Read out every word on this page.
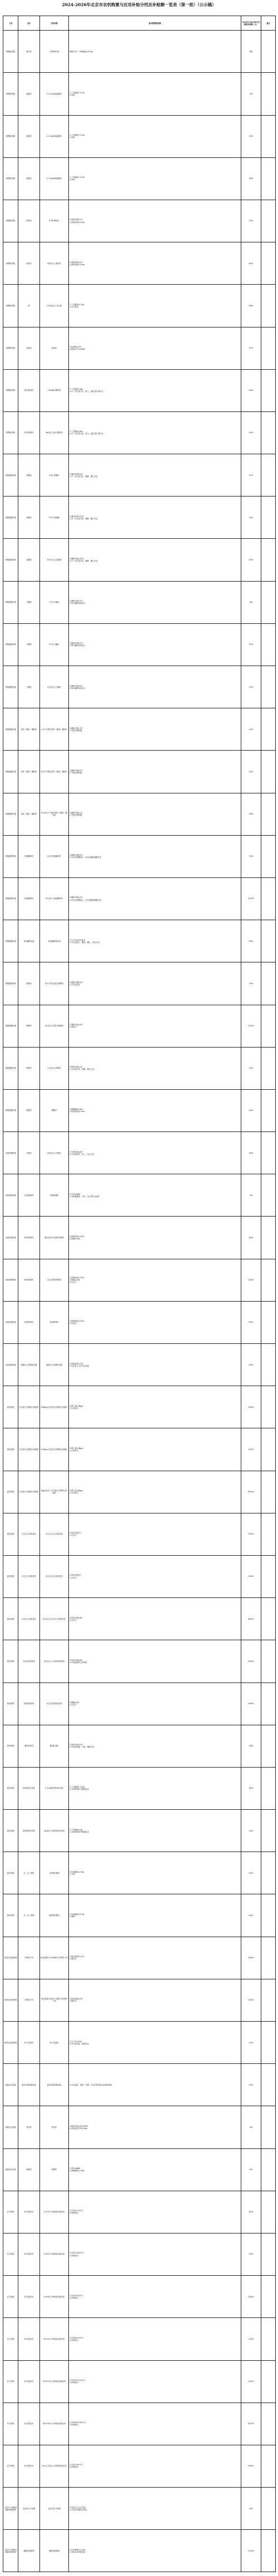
2024-2026年北京市农机购置与应用补贴分档及补贴额一览表（第一批）（公示稿）
大类	品目	分档名称	基本配置和参数	2024年-2026年中央财政补贴额（元）	备注
耕整地机械	铧式犁	3-4铧铧式犁	铧数3-4个；单铧幅宽≥25cm	440	
耕整地机械	旋耕机	1.5-2m单轴旋耕机	1.工作幅宽1.5-2m
2.单轴	900	
耕整地机械	旋耕机	2-2.5m单轴旋耕机	1.工作幅宽2-2.5m
2.单轴	1100	
耕整地机械	旋耕机	2.5-3m单轴旋耕机	1.工作幅宽2.5-3m
2.单轴	1400	
耕整地机械	深松机	4-5铲深松机	1.深松铲数4-5个
2.深松深度≥25cm	3100	
耕整地机械	深松机	6铲及以上深松机	1.深松铲数≥6个
2.深松深度≥25cm	4300	
耕整地机械	耙	2.5m及以上动力耙	1.工作幅宽≥2.5m
2.动力驱动	6400	
耕整地机械	起垄机	起垄机	1.起垄数≥1垄
2.配套动力≥20kW	1100	
耕整地机械	联合整地机	3-4m联合整地机	1.工作幅宽3-4m
2.可一次完成灭茬、碎土、镇压等多项作业	6000	
耕整地机械	联合整地机	4m及以上联合整地机	1.工作幅宽≥4m
2.可一次完成灭茬、碎土、镇压等多项作业	9000	
种植施肥机械	条播机	4-8行条播机	1.播种行数4-8行
2.可一次完成开沟、播种、覆土作业	1200	
种植施肥机械	条播机	9-15行条播机	1.播种行数9-15行
2.可一次完成开沟、播种、覆土作业	2500	
种植施肥机械	条播机	16行及以上条播机	1.播种行数≥16行
2.可一次完成开沟、播种、覆土作业	4300	
种植施肥机械	穴播机	2-3行穴播机	1.播种行数2-3行
2.每行播种单体独立	800	
种植施肥机械	穴播机	4-5行穴播机	1.播种行数4-5行
2.每行播种单体独立	1900	
种植施肥机械	穴播机	6行及以上穴播机	1.播种行数≥6行
2.每行播种单体独立	3700	
种植施肥机械	单粒（精密）播种机	2-3行气吸式单粒（精密）播种机	1.播种行数2-3行
2.气吸式排种器	3000	
种植施肥机械	单粒（精密）播种机	4-5行气吸式单粒（精密）播种机	1.播种行数4-5行
2.气吸式排种器	5300	
种植施肥机械	单粒（精密）播种机	6行及以上气吸式单粒（精密）播种机	1.播种行数≥6行
2.气吸式排种器	9600	
种植施肥机械	免耕播种机	4-5行免耕播种机	1.播种行数4-5行
2.可在未耕整地上一次完成播种施肥作业	7000	
种植施肥机械	免耕播种机	6行及以上免耕播种机	1.播种行数≥6行
2.可在未耕整地上一次完成播种施肥作业	12000	
种植施肥机械	育苗播种设备	育苗播种流水线	1.生产率≥200盘/h
2.可完成铺土、播种、覆土、洒水作业	6500	
种植施肥机械	插秧机	4-5行手扶步进式插秧机	1.插秧行数4-5行
2.手扶步进式	2900	
种植施肥机械	插秧机	6行及以上乘坐式插秧机	1.插秧行数≥6行
2.乘坐式	11000	
种植施肥机械	移栽机	2行及以上移栽机	1.移栽行数≥2行
2.可完成开沟、栽植、覆土作业	2200	
种植施肥机械	施肥机	撒肥机	1.撒施幅宽≥6m
2.料箱容积≥0.3m³	2600	
田间管理机械	中耕机	4行及以上中耕机	1.中耕行数≥4行
2.可完成除草、松土、培土作业	1400	
田间管理机械	田园管理机	田园管理机	1.功率≥4kW
2.可配置旋耕、开沟、培土等作业部件	900	
田间管理机械	喷杆喷雾机	悬挂及牵引式喷杆喷雾机	1.药箱容积≥500L
2.喷幅≥10m	4500	
田间管理机械	喷杆喷雾机	自走式喷杆喷雾机	1.药箱容积≥700L
2.喷幅≥12m
3.自走式	28000	
田间管理机械	风送喷雾机	风送喷雾机	1.药箱容积≥200L
2.风送式	6000	
田间管理机械	植保无人驾驶航空器	植保无人驾驶航空器	1.药箱容积≥10L
2.具有自主飞行作业功能	8000	
收获机械	自走轮式谷物联合收割机	4-6kg/s自走轮式谷物联合收割机	1.喂入量4-6kg/s
2.自走轮式	18000	
收获机械	自走轮式谷物联合收割机	6-8kg/s自走轮式谷物联合收割机	1.喂入量6-8kg/s
2.自走轮式	31000	
收获机械	自走轮式谷物联合收割机	8kg/s及以上自走轮式谷物联合收割机	1.喂入量≥8kg/s
2.自走轮式	45000	
收获机械	自走式玉米收获机	2行自走式玉米收获机	1.收获行数2行
2.自走式	18000	
收获机械	自走式玉米收获机	3行自走式玉米收获机	1.收获行数3行
2.自走式	30000	
收获机械	自走式玉米收获机	4行及以上自走式玉米收获机	1.收获行数≥4行
2.自走式	48000	
收获机械	玉米籽粒收获机	4行及以上玉米籽粒收获机	1.收获行数≥4行
2.可直接收获玉米籽粒	60000	
收获机械	青饲料收获机	自走式青饲料收获机	1.割幅≥2m
2.自走式	60000	
收获机械	薯类收获机	薯类收获机	1.收获行数≥1行
2.可完成挖掘、分离、铺放作业	1400	
收获机械	秸秆粉碎还田机	1.5-2m秸秆粉碎还田机	1.工作幅宽1.5-2m
2.可粉碎秸秆并抛撒还田	1400	
收获机械	秸秆粉碎还田机	2m及以上秸秆粉碎还田机	1.工作幅宽≥2m
2.可粉碎秸秆并抛撒还田	2000	
收获机械	打（压）捆机	方草捆打捆机	1.捡拾幅宽≥1.6m
2.方捆	8000	
收获机械	打（压）捆机	圆草捆打捆机	1.捡拾幅宽≥1.5m
2.圆捆	6000	
收获后处理机械	谷物烘干机	批处理量10-20t循环式谷物烘干机	1.批处理量10-20t
2.循环式	18000	
收获后处理机械	谷物烘干机	批处理量20t及以上循环式谷物烘干机	1.批处理量≥20t
2.循环式	30000	
收获后处理机械	种子清选机	种子清选机	1.生产率≥1t/h
2.可完成风选、筛选作业	3200	
设施农业设备	温室环境控制设备	温室环境控制设备	1.可对温度、湿度、光照、CO₂浓度等进行监测和调控	9000	
设施农业设备	卷帘机	卷帘机	1.输出转矩≥3000N·m
2.适用温室长度≥50m	900	
设施农业设备	微耕机	微耕机	1.功率≥4kW
2.旋耕幅宽≥0.6m	600	
动力机械	轮式拖拉机	20-30马力两轮驱动拖拉机	1.功率20-30马力
2.两轮驱动	4000	
动力机械	轮式拖拉机	30-40马力四轮驱动拖拉机	1.功率30-40马力
2.四轮驱动	9000	
动力机械	轮式拖拉机	50-60马力四轮驱动拖拉机	1.功率50-60马力
2.四轮驱动	14000	
动力机械	轮式拖拉机	80-90马力四轮驱动拖拉机	1.功率80-90马力
2.四轮驱动	22000	
动力机械	轮式拖拉机	100-120马力四轮驱动拖拉机	1.功率100-120马力
2.四轮驱动	30000	
动力机械	轮式拖拉机	140-160马力四轮驱动拖拉机	1.功率140-160马力
2.四轮驱动	42000	
动力机械	轮式拖拉机	200马力及以上四轮驱动拖拉机	1.功率≥200马力
2.四轮驱动	60000	
农用北斗终端及辅助驾驶系统	农业用北斗终端	农业用北斗终端	1.具备北斗定位功能
2.可实时传输作业信息	800	
农用北斗终端及辅助驾驶系统	辅助驾驶系统	辅助驾驶系统	1.定位精度±2.5cm
2.具备自动驾驶功能	12000	
